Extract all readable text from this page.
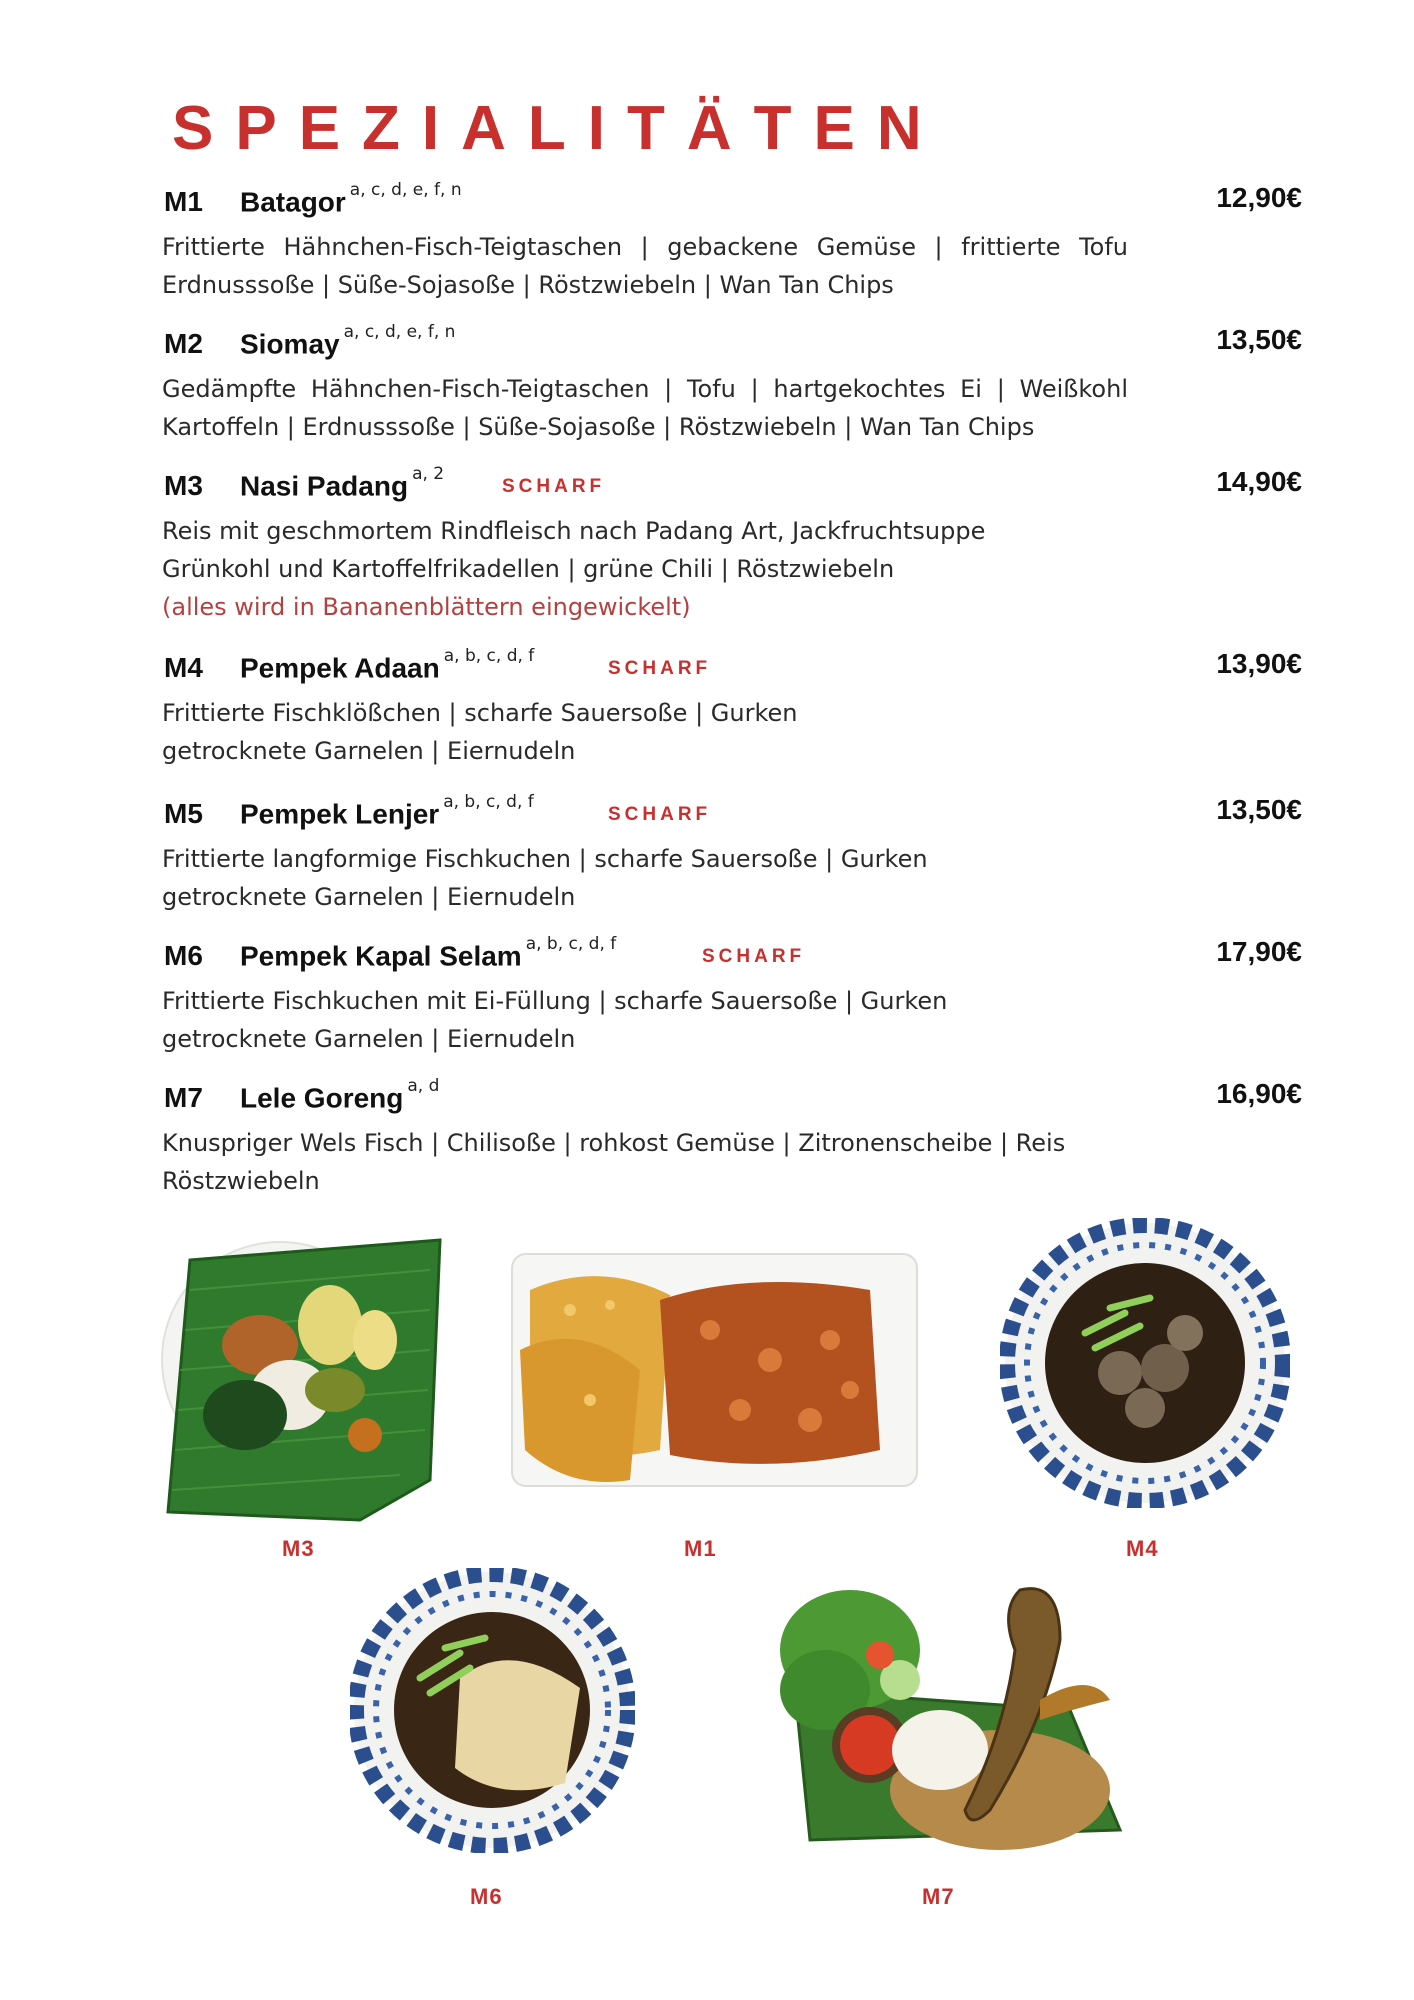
SPEZIALITÄTEN
M1 Batagor $^{a, c, d, e, f, n}$	12,90€
Frittierte Hähnchen-Fisch-Teigtaschen | gebackene Gemüse | frittierte Tofu
Erdnusssoße | Süße-Sojasoße | Röstzwiebeln | Wan Tan Chips
M2 Siomay $^{a, c, d, e, f, n}$	13,50€
Gedämpfte Hähnchen-Fisch-Teigtaschen | Tofu | hartgekochtes Ei | Weißkohl
Kartoffeln | Erdnusssoße | Süße-Sojasoße | Röstzwiebeln | Wan Tan Chips
M3 Nasi Padang $^{a, 2}$
SCHARF	14,90€
Reis mit geschmortem Rindfleisch nach Padang Art, Jackfruchtsuppe
Grünkohl und Kartoffelfrikadellen | grüne Chili | Röstzwiebeln
(alles wird in Bananenblättern eingewickelt)
M4 Pempek Adaan $^{a, b, c, d, f}$
SCHARF	13,90€
Frittierte Fischklößchen | scharfe Sauersoße | Gurken
getrocknete Garnelen | Eiernudeln
M5 Pempek Lenjer $^{a, b, c, d, f}$
SCHARF	13,50€
Frittierte langformige Fischkuchen | scharfe Sauersoße | Gurken
getrocknete Garnelen | Eiernudeln
M6 Pempek Kapal Selam $^{a, b, c, d, f}$
SCHARF	17,90€
Frittierte Fischkuchen mit Ei-Füllung | scharfe Sauersoße | Gurken
getrocknete Garnelen | Eiernudeln
M7 Lele Goreng $^{a, d}$	16,90€
Knuspriger Wels Fisch | Chilisoße | rohkost Gemüse | Zitronenscheibe | Reis
Röstzwiebeln
M3	M1	M4
M6	M7
